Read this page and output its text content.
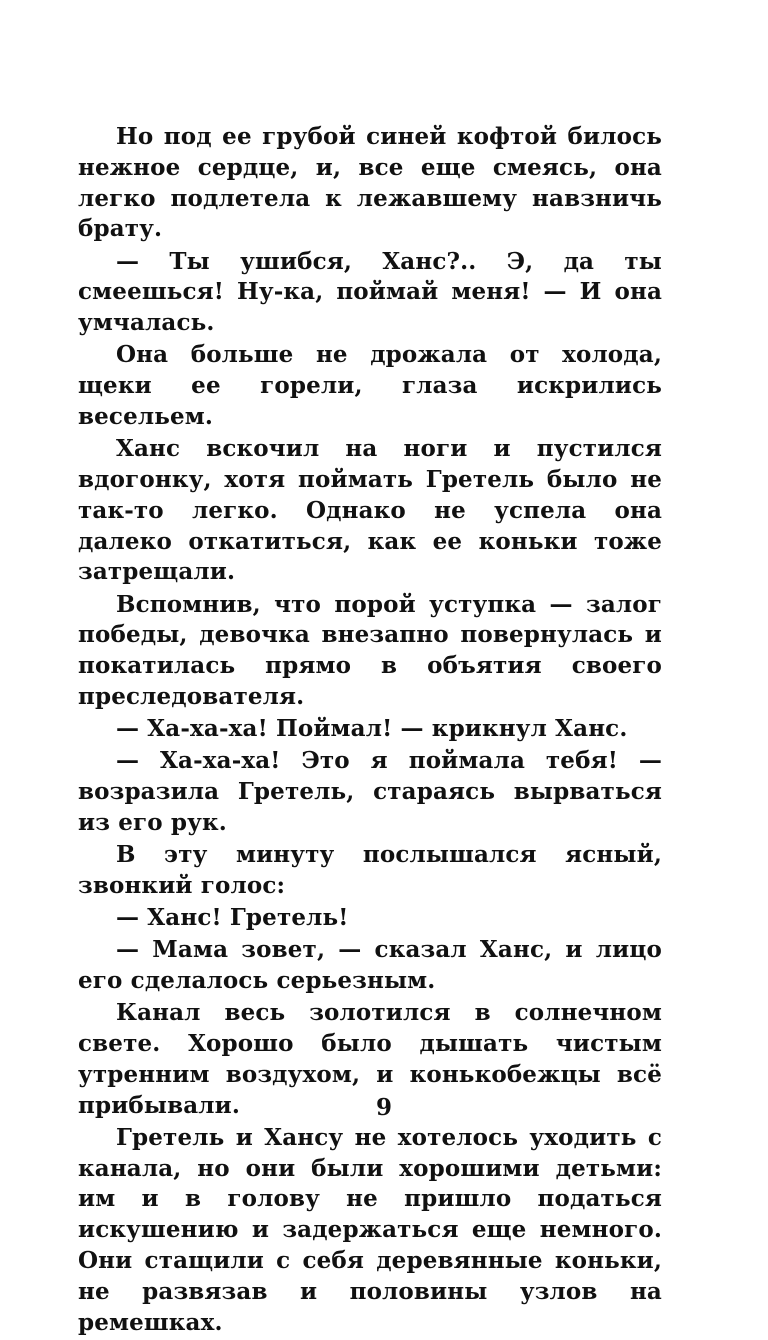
Но под ее грубой синей кофтой билось нежное сердце, и, все еще смеясь, она легко подлетела к лежавшему навзничь брату.

— Ты ушибся, Ханс?.. Э, да ты смеешься! Ну-ка, поймай меня! — И она умчалась.

Она больше не дрожала от холода, щеки ее горели, глаза искрились весельем.

Ханс вскочил на ноги и пустился вдогонку, хотя поймать Гретель было не так-то легко. Однако не успела она далеко откатиться, как ее коньки тоже затрещали.

Вспомнив, что порой уступка — залог победы, девочка внезапно повернулась и покатилась прямо в объятия своего преследователя.

— Ха-ха-ха! Поймал! — крикнул Ханс.

— Ха-ха-ха! Это я поймала тебя! — возразила Гретель, стараясь вырваться из его рук.

В эту минуту послышался ясный, звонкий голос:

— Ханс! Гретель!

— Мама зовет, — сказал Ханс, и лицо его сделалось серьезным.

Канал весь золотился в солнечном свете. Хорошо было дышать чистым утренним воздухом, и конькобежцы всё прибывали.

Гретель и Хансу не хотелось уходить с канала, но они были хорошими детьми: им и в голову не пришло податься искушению и задержаться еще немного. Они стащили с себя деревянные коньки, не развязав и половины узлов на ремешках.

9
